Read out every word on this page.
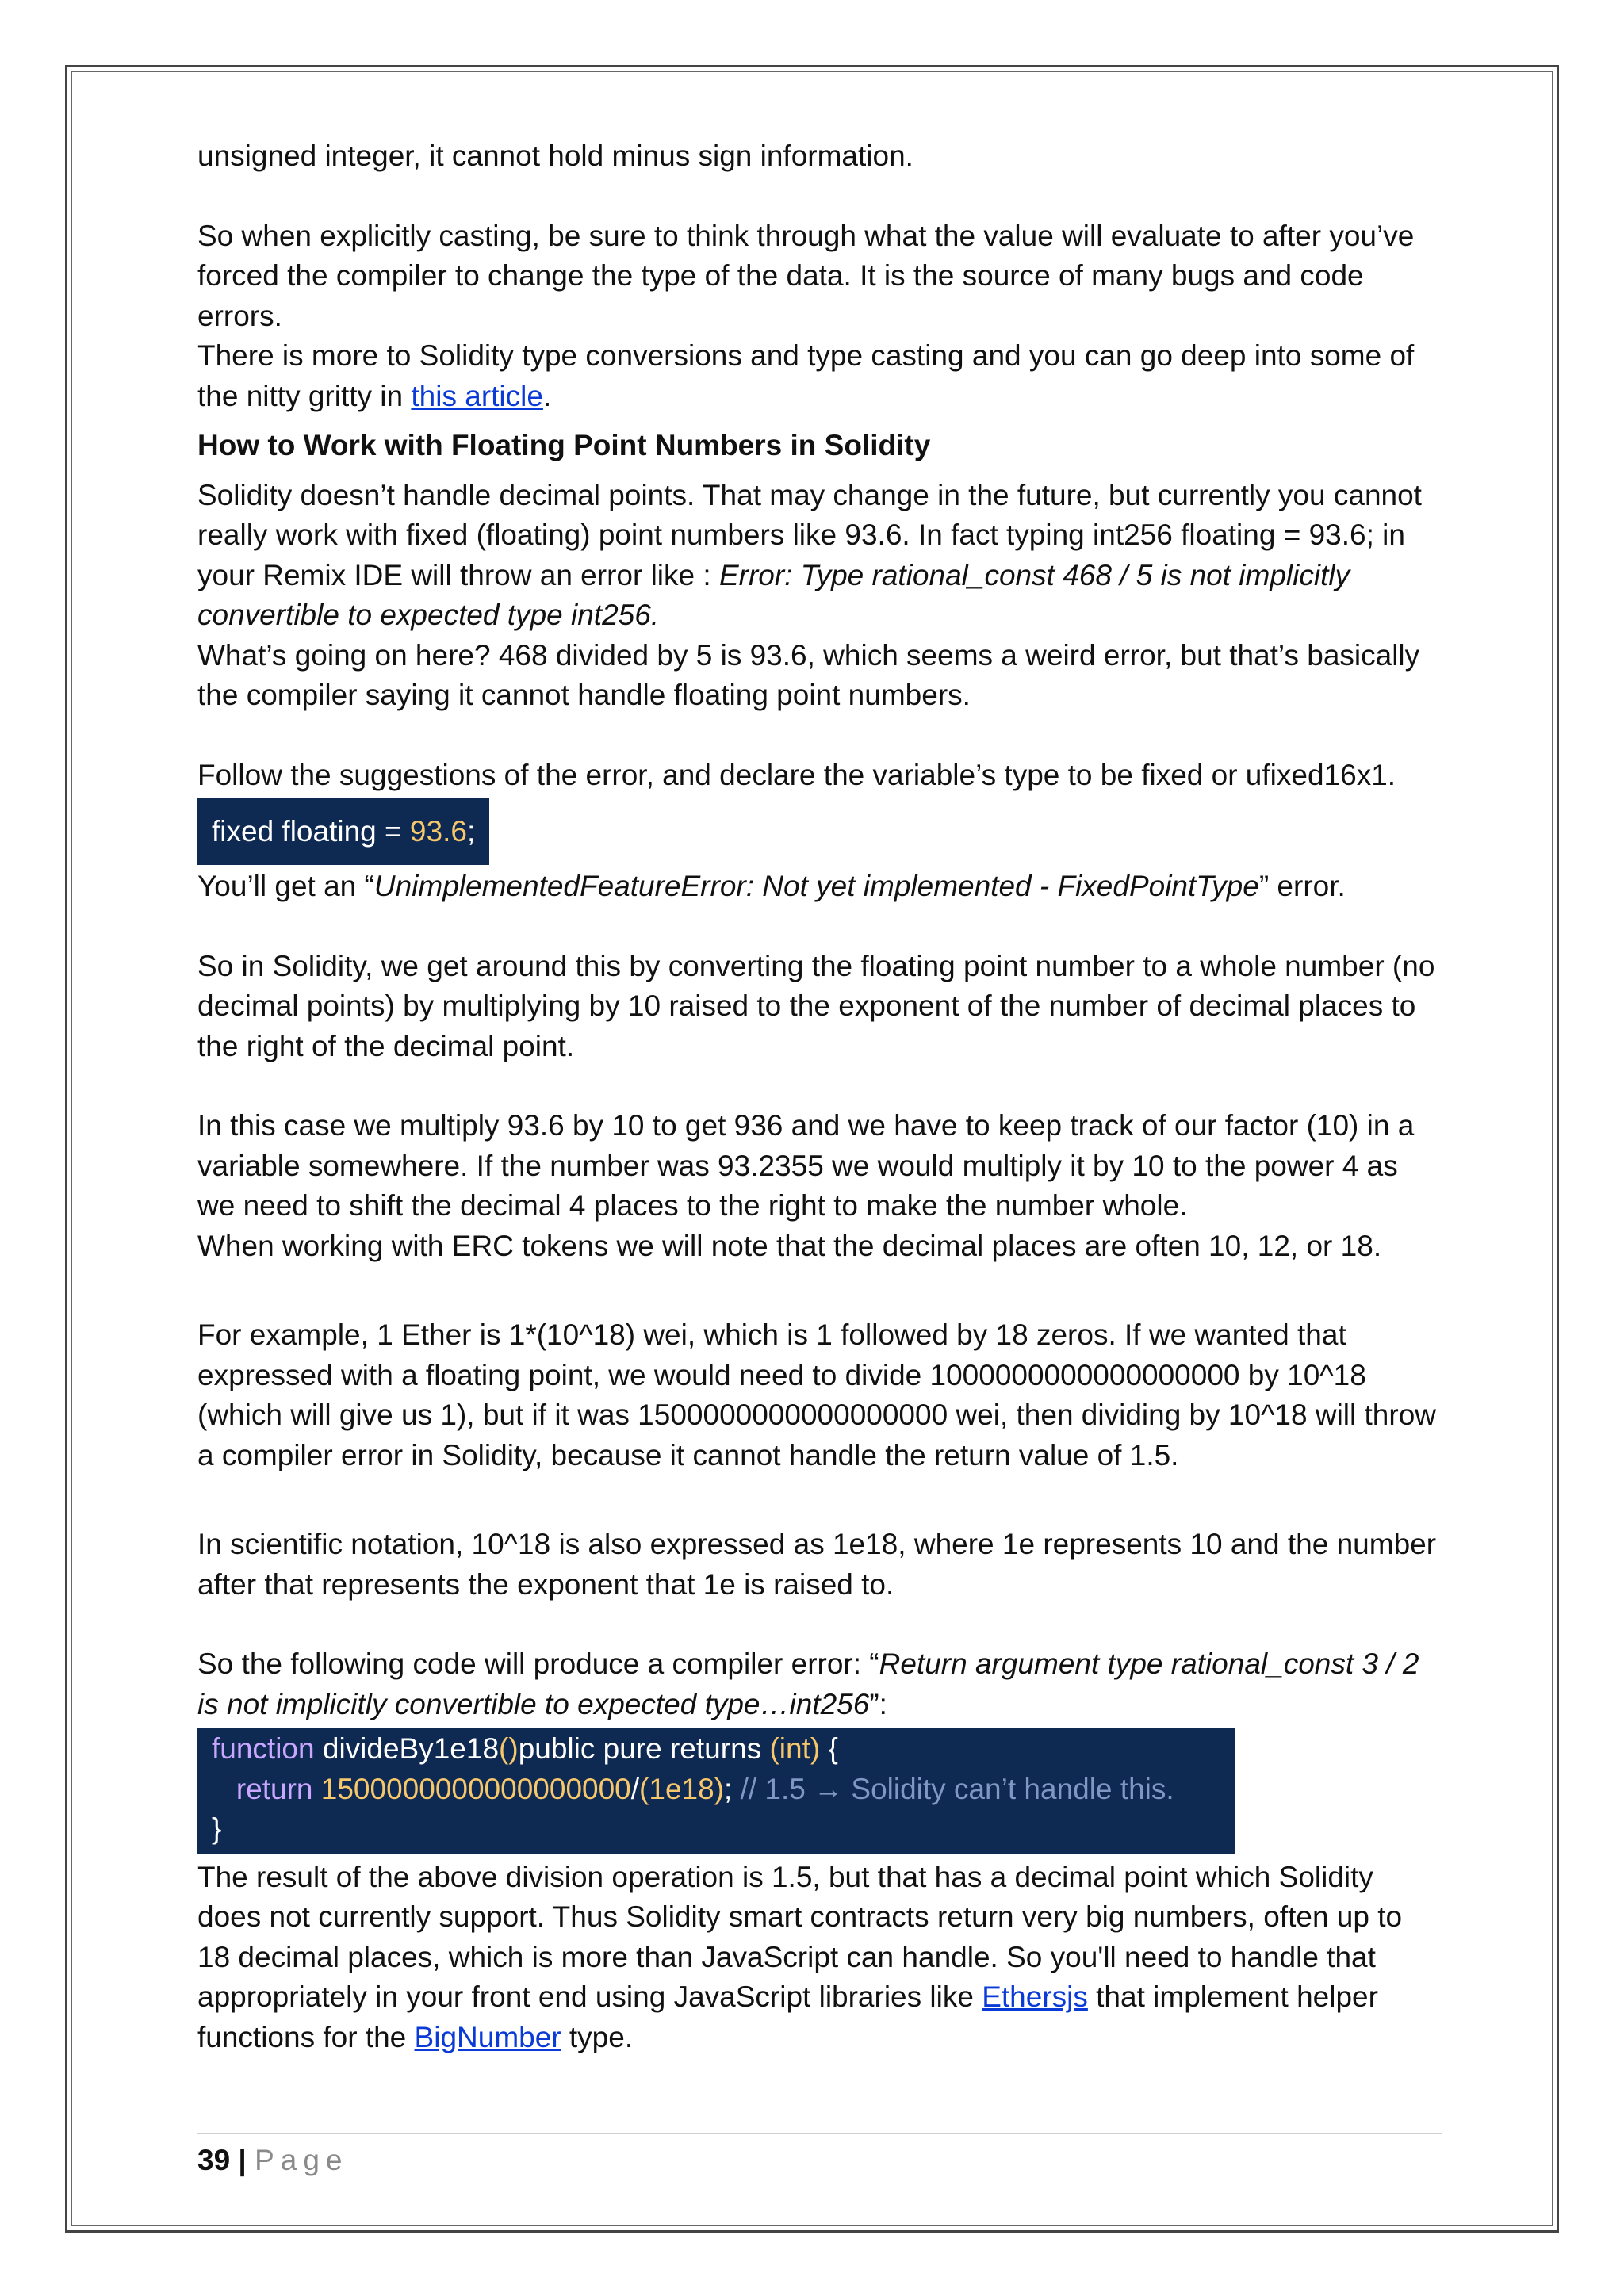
unsigned integer, it cannot hold minus sign information.

So when explicitly casting, be sure to think through what the value will evaluate to after you’ve forced the compiler to change the type of the data. It is the source of many bugs and code errors.

There is more to Solidity type conversions and type casting and you can go deep into some of the nitty gritty in this article.

How to Work with Floating Point Numbers in Solidity

Solidity doesn’t handle decimal points. That may change in the future, but currently you cannot really work with fixed (floating) point numbers like 93.6. In fact typing int256 floating = 93.6; in your Remix IDE will throw an error like : Error: Type rational_const 468 / 5 is not implicitly convertible to expected type int256.

What’s going on here? 468 divided by 5 is 93.6, which seems a weird error, but that’s basically the compiler saying it cannot handle floating point numbers.

Follow the suggestions of the error, and declare the variable’s type to be fixed or ufixed16x1.

fixed floating = 93.6;

You’ll get an “UnimplementedFeatureError: Not yet implemented - FixedPointType” error.

So in Solidity, we get around this by converting the floating point number to a whole number (no decimal points) by multiplying by 10 raised to the exponent of the number of decimal places to the right of the decimal point.

In this case we multiply 93.6 by 10 to get 936 and we have to keep track of our factor (10) in a variable somewhere. If the number was 93.2355 we would multiply it by 10 to the power 4 as we need to shift the decimal 4 places to the right to make the number whole.

When working with ERC tokens we will note that the decimal places are often 10, 12, or 18.

For example, 1 Ether is 1*(10^18) wei, which is 1 followed by 18 zeros. If we wanted that expressed with a floating point, we would need to divide 1000000000000000000 by 10^18 (which will give us 1), but if it was 1500000000000000000 wei, then dividing by 10^18 will throw a compiler error in Solidity, because it cannot handle the return value of 1.5.

In scientific notation, 10^18 is also expressed as 1e18, where 1e represents 10 and the number after that represents the exponent that 1e is raised to.

So the following code will produce a compiler error: “Return argument type rational_const 3 / 2 is not implicitly convertible to expected type…int256”:

function divideBy1e18()public pure returns (int) {
return 1500000000000000000/(1e18); // 1.5 → Solidity can’t handle this.
}

The result of the above division operation is 1.5, but that has a decimal point which Solidity does not currently support. Thus Solidity smart contracts return very big numbers, often up to 18 decimal places, which is more than JavaScript can handle. So you'll need to handle that appropriately in your front end using JavaScript libraries like Ethersjs that implement helper functions for the BigNumber type.

39 | Page
